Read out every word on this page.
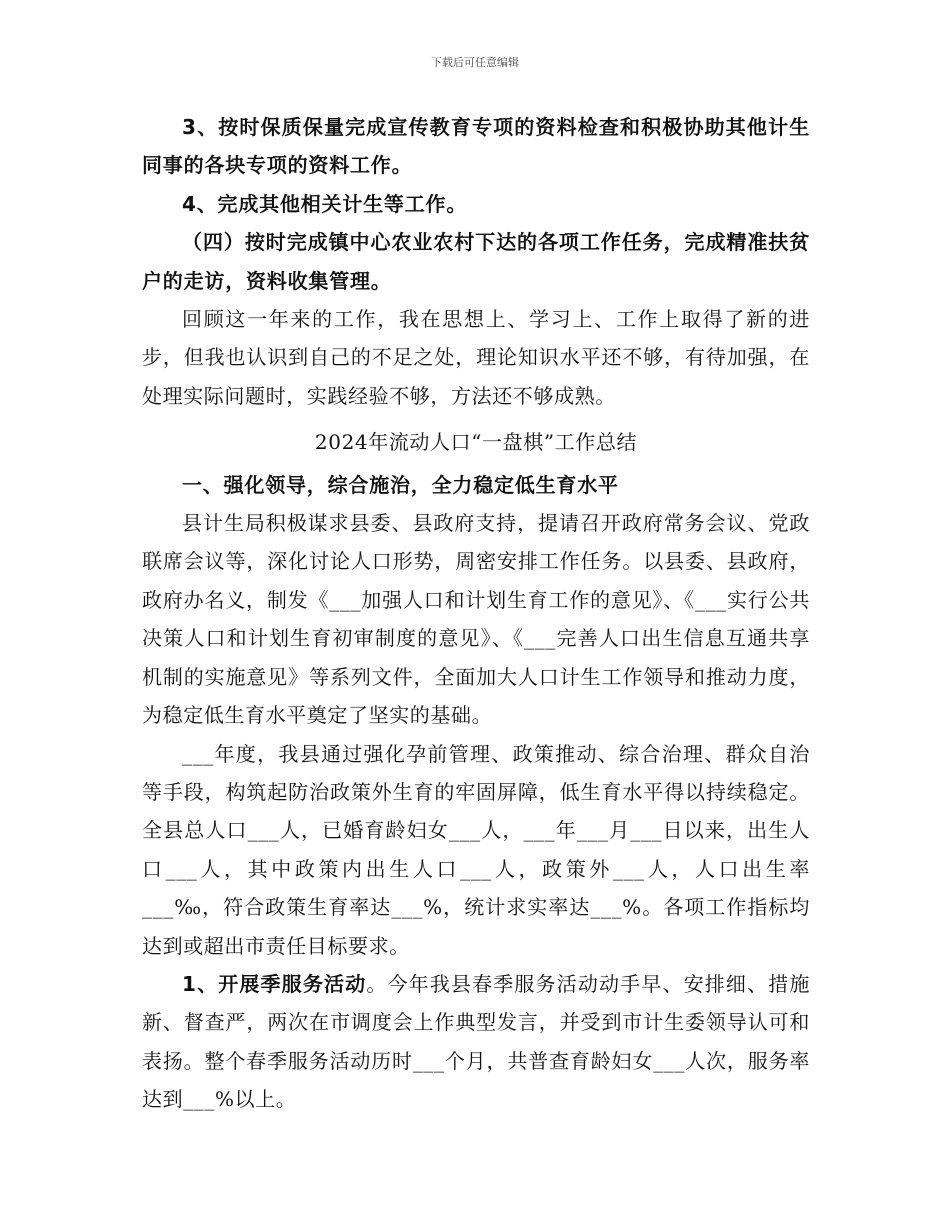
下载后可任意编辑

3、按时保质保量完成宣传教育专项的资料检查和积极协助其他计生同事的各块专项的资料工作。

4、完成其他相关计生等工作。

（四）按时完成镇中心农业农村下达的各项工作任务，完成精准扶贫户的走访，资料收集管理。

回顾这一年来的工作，我在思想上、学习上、工作上取得了新的进步，但我也认识到自己的不足之处，理论知识水平还不够，有待加强，在处理实际问题时，实践经验不够，方法还不够成熟。

2024年流动人口“一盘棋”工作总结

一、强化领导，综合施治，全力稳定低生育水平

县计生局积极谋求县委、县政府支持，提请召开政府常务会议、党政联席会议等，深化讨论人口形势，周密安排工作任务。以县委、县政府，政府办名义，制发《___加强人口和计划生育工作的意见》、《___实行公共决策人口和计划生育初审制度的意见》、《___完善人口出生信息互通共享机制的实施意见》等系列文件，全面加大人口计生工作领导和推动力度，为稳定低生育水平奠定了坚实的基础。

___年度，我县通过强化孕前管理、政策推动、综合治理、群众自治等手段，构筑起防治政策外生育的牢固屏障，低生育水平得以持续稳定。全县总人口___人，已婚育龄妇女___人，___年___月___日以来，出生人口___人，其中政策内出生人口___人，政策外___人，人口出生率___‰，符合政策生育率达___%，统计求实率达___%。各项工作指标均达到或超出市责任目标要求。

1、开展季服务活动。今年我县春季服务活动动手早、安排细、措施新、督查严，两次在市调度会上作典型发言，并受到市计生委领导认可和表扬。整个春季服务活动历时___个月，共普查育龄妇女___人次，服务率达到___%以上。
